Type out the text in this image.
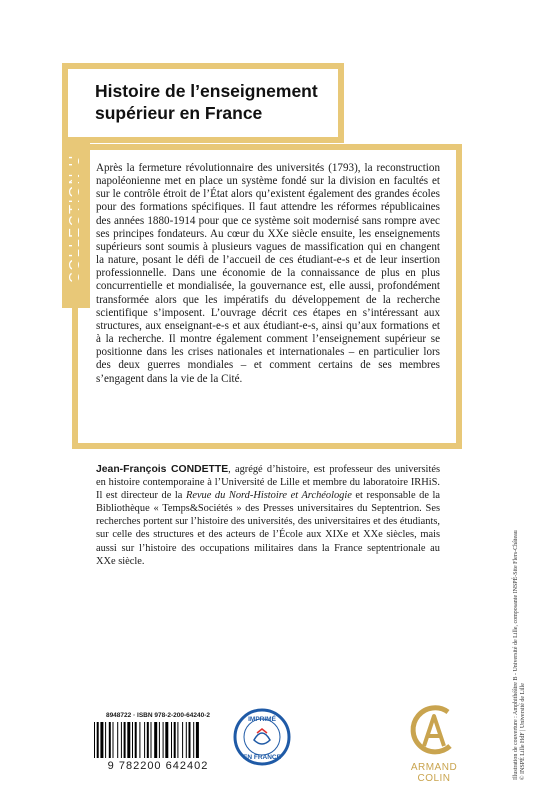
Histoire de l’enseignement
supérieur en France
COLLECTION U Après la fermeture révolutionnaire des universités (1793), la reconstruction napoléonienne met en place un système fondé sur la division en facultés et sur le contrôle étroit de l’État alors qu’existent également des grandes écoles pour des formations spécifiques. Il faut attendre les réformes républicaines des années 1880-1914 pour que ce système soit modernisé sans rompre avec ses principes fondateurs. Au cœur du XXe siècle ensuite, les enseignements supérieurs sont soumis à plusieurs vagues de massification qui en changent la nature, posant le défi de l’accueil de ces étudiant-e-s et de leur insertion professionnelle. Dans une économie de la connaissance de plus en plus concurrentielle et mondialisée, la gouvernance est, elle aussi, profondément transformée alors que les impératifs du développement de la recherche scientifique s’imposent. L’ouvrage décrit ces étapes en s’intéressant aux structures, aux enseignant-e-s et aux étudiant-e-s, ainsi qu’aux formations et à la recherche. Il montre également comment l’enseignement supérieur se positionne dans les crises nationales et internationales – en particulier lors des deux guerres mondiales – et comment certains de ses membres s’engagent dans la vie de la Cité.

Jean-François CONDETTE, agrégé d’histoire, est professeur des universités en histoire contemporaine à l’Université de Lille et membre du laboratoire IRHiS. Il est directeur de la Revue du Nord-Histoire et Archéologie et responsable de la Bibliothèque « Temps&Sociétés » des Presses universitaires du Septentrion. Ses recherches portent sur l’histoire des universités, des universitaires et des étudiants, sur celle des structures et des acteurs de l’École aux XIXe et XXe siècles, mais aussi sur l’histoire des occupations militaires dans la France septentrionale au XXe siècle.	Illustration de couverture : Amphithéâtre B - Université de Lille, composante INSPÉ-Site Flers-Château © INSPÉ Lille HdF | Université de Lille
8948722 · ISBN 978-2-200-64240-2
9 782200 642402
IMPRIMÉ
EN FRANCE
ARMAND COLIN
